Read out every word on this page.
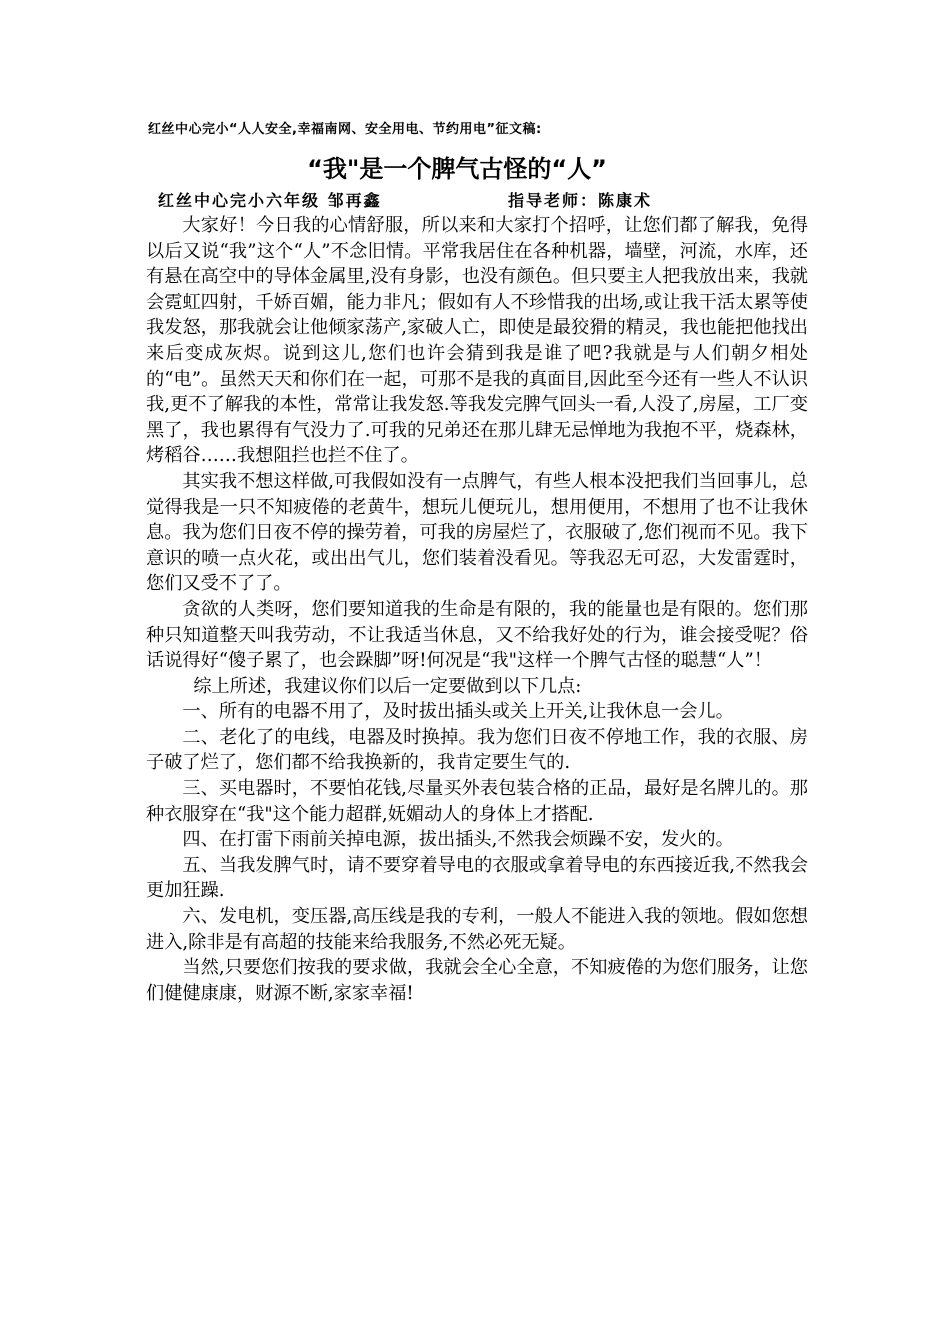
红丝中心完小“人人安全,幸福南网、安全用电、节约用电”征文稿:
“我"是一个脾气古怪的“人”
红丝中心完小六年级 邹再鑫	指导老师：陈康术

大家好！今日我的心情舒服，所以来和大家打个招呼，让您们都了解我，免得以后又说“我”这个“人”不念旧情。平常我居住在各种机器，墙壁，河流，水库，还有悬在高空中的导体金属里,没有身影，也没有颜色。但只要主人把我放出来，我就会霓虹四射，千娇百媚，能力非凡；假如有人不珍惜我的出场,或让我干活太累等使我发怒，那我就会让他倾家荡产,家破人亡，即使是最狡猾的精灵，我也能把他找出来后变成灰烬。说到这儿,您们也许会猜到我是谁了吧?我就是与人们朝夕相处的“电”。虽然天天和你们在一起，可那不是我的真面目,因此至今还有一些人不认识我,更不了解我的本性，常常让我发怒.等我发完脾气回头一看,人没了,房屋，工厂变黑了，我也累得有气没力了.可我的兄弟还在那儿肆无忌惮地为我抱不平，烧森林，烤稻谷……我想阻拦也拦不住了。

其实我不想这样做,可我假如没有一点脾气，有些人根本没把我们当回事儿，总觉得我是一只不知疲倦的老黄牛，想玩儿便玩儿，想用便用，不想用了也不让我休息。我为您们日夜不停的操劳着，可我的房屋烂了，衣服破了,您们视而不见。我下意识的喷一点火花，或出出气儿，您们装着没看见。等我忍无可忍，大发雷霆时，您们又受不了了。

贪欲的人类呀，您们要知道我的生命是有限的，我的能量也是有限的。您们那种只知道整天叫我劳动，不让我适当休息，又不给我好处的行为，谁会接受呢？俗话说得好“傻子累了，也会跺脚”呀!何况是“我"这样一个脾气古怪的聪慧“人”！

综上所述，我建议你们以后一定要做到以下几点:

一、所有的电器不用了，及时拔出插头或关上开关,让我休息一会儿。

二、老化了的电线，电器及时换掉。我为您们日夜不停地工作，我的衣服、房子破了烂了，您们都不给我换新的，我肯定要生气的.

三、买电器时，不要怕花钱,尽量买外表包装合格的正品，最好是名牌儿的。那种衣服穿在“我"这个能力超群,妩媚动人的身体上才搭配.

四、在打雷下雨前关掉电源，拔出插头,不然我会烦躁不安，发火的。

五、当我发脾气时，请不要穿着导电的衣服或拿着导电的东西接近我,不然我会更加狂躁.

六、发电机，变压器,高压线是我的专利，一般人不能进入我的领地。假如您想进入,除非是有高超的技能来给我服务,不然必死无疑。

当然,只要您们按我的要求做，我就会全心全意，不知疲倦的为您们服务，让您们健健康康，财源不断,家家幸福!
